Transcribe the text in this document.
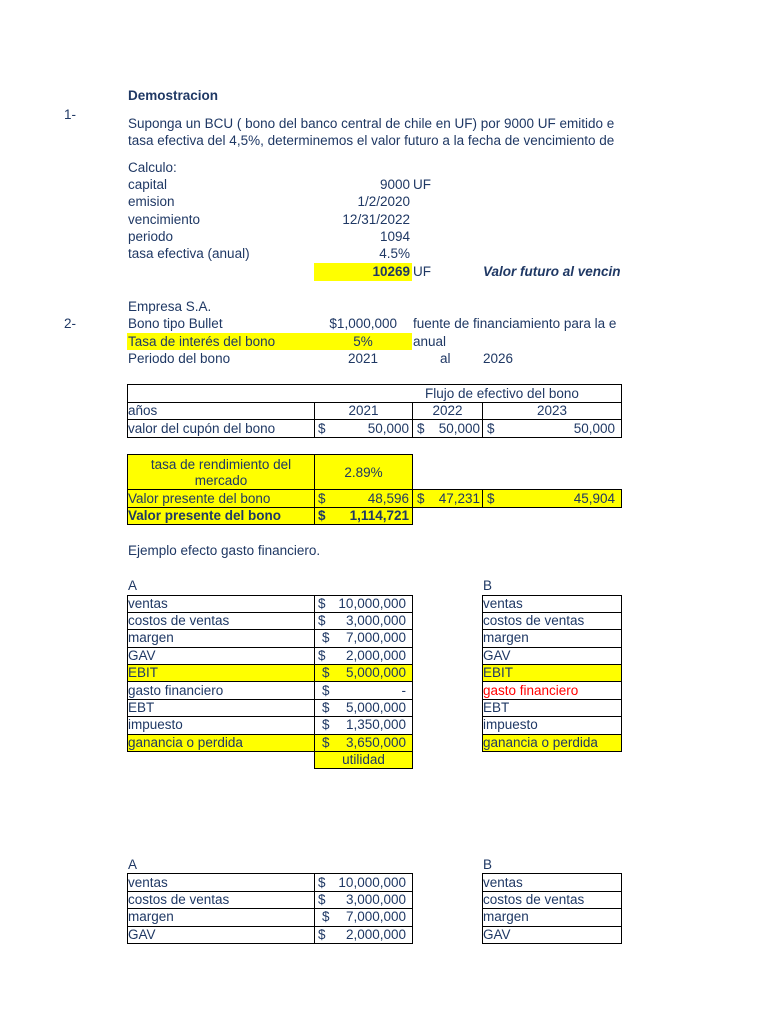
Demostracion
1-
Suponga un BCU ( bono del banco central de chile en UF) por 9000 UF emitido e
tasa efectiva del 4,5%, determinemos el valor futuro a la fecha de vencimiento de
Calculo:
capital	9000 UF
emision	1/2/2020
vencimiento	12/31/2022
periodo	1094
tasa efectiva (anual)	4.5%
10269 UF	Valor futuro al vencin
Empresa S.A.
2-	Bono tipo Bullet	$1,000,000 fuente de financiamiento para la e
Tasa de interés del bono	5%	anual
Periodo del bono	2021	al 2026
Flujo de efectivo del bono
años	2021	2022	2023
valor del cupón del bono	$	50,000 $	50,000 $	50,000
tasa de rendimiento del
mercado
2.89%
Valor presente del bono	$	48,596 $	47,231 $	45,904
Valor presente del bono	$	1,114,721
Ejemplo efecto gasto financiero.
A
ventas	$ 10,000,000
costos de ventas	$	3,000,000
margen	$	7,000,000
GAV	$	2,000,000
EBIT	$	5,000,000
gasto financiero	$	-
EBT	$	5,000,000
impuesto	$	1,350,000
ganancia o perdida	$	3,650,000
utilidad
B
ventas
costos de ventas
margen
GAV
EBIT
gasto financiero
EBT
impuesto
ganancia o perdida
A
ventas	$ 10,000,000
costos de ventas	$	3,000,000
margen	$	7,000,000
GAV	$	2,000,000
B
ventas
costos de ventas
margen
GAV
